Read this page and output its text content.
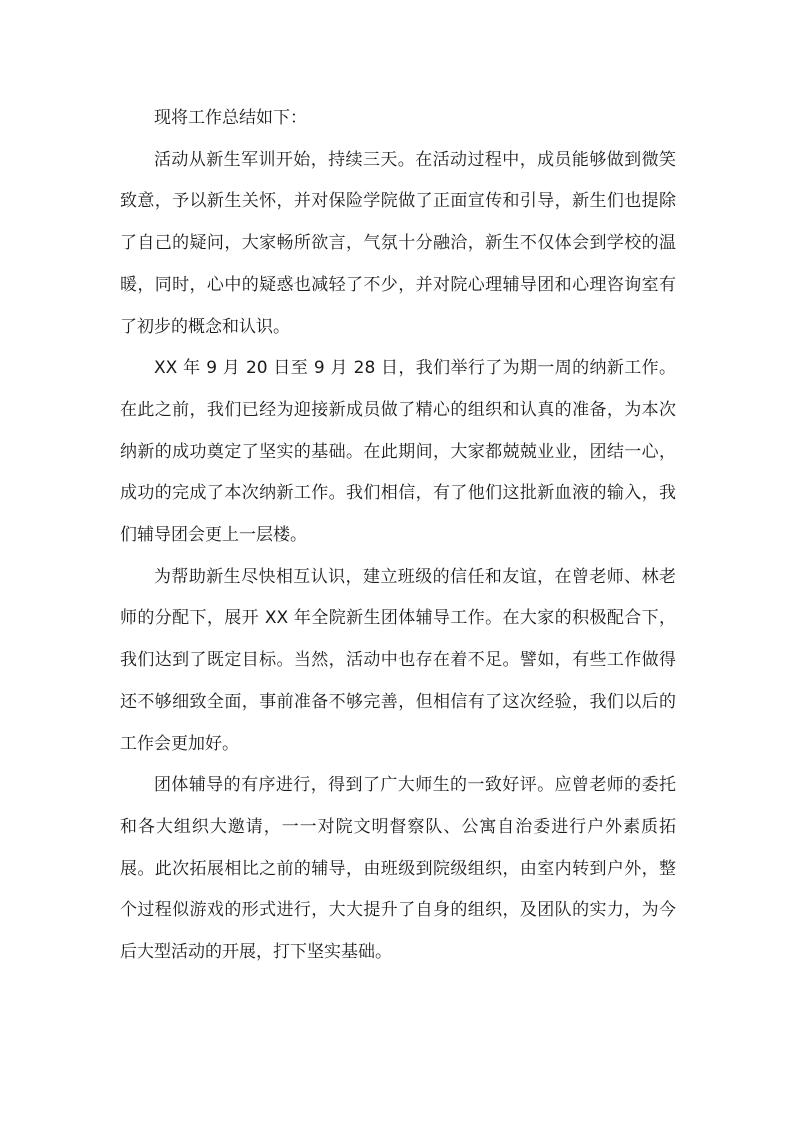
现将工作总结如下：

活动从新生军训开始，持续三天。在活动过程中，成员能够做到微笑致意，予以新生关怀，并对保险学院做了正面宣传和引导，新生们也提除了自己的疑问，大家畅所欲言，气氛十分融洽，新生不仅体会到学校的温暖，同时，心中的疑惑也减轻了不少，并对院心理辅导团和心理咨询室有了初步的概念和认识。

XX 年 9 月 20 日至 9 月 28 日，我们举行了为期一周的纳新工作。在此之前，我们已经为迎接新成员做了精心的组织和认真的准备，为本次纳新的成功奠定了坚实的基础。在此期间，大家都兢兢业业，团结一心，成功的完成了本次纳新工作。我们相信，有了他们这批新血液的输入，我们辅导团会更上一层楼。

为帮助新生尽快相互认识，建立班级的信任和友谊，在曾老师、林老师的分配下，展开 XX 年全院新生团体辅导工作。在大家的积极配合下，我们达到了既定目标。当然，活动中也存在着不足。譬如，有些工作做得还不够细致全面，事前准备不够完善，但相信有了这次经验，我们以后的工作会更加好。

团体辅导的有序进行，得到了广大师生的一致好评。应曾老师的委托和各大组织大邀请，一一对院文明督察队、公寓自治委进行户外素质拓展。此次拓展相比之前的辅导，由班级到院级组织，由室内转到户外，整个过程似游戏的形式进行，大大提升了自身的组织，及团队的实力，为今后大型活动的开展，打下坚实基础。
